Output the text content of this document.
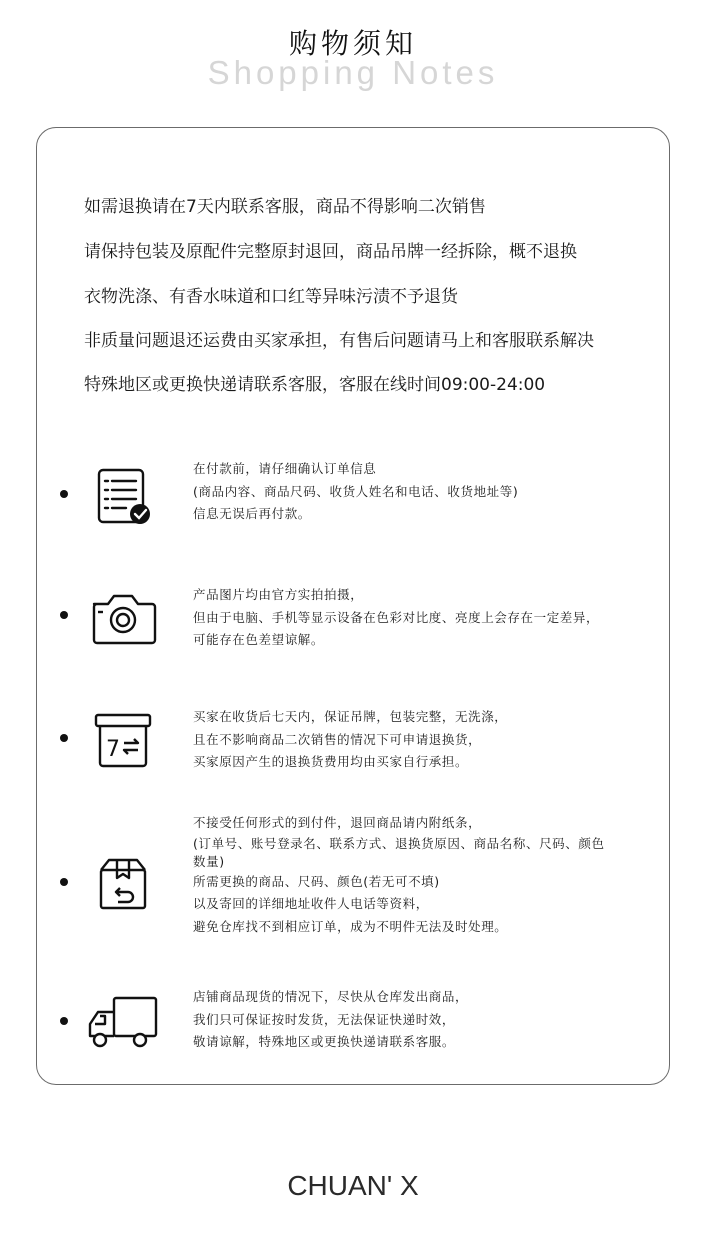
购物须知
Shopping Notes
如需退换请在7天内联系客服，商品不得影响二次销售
请保持包装及原配件完整原封退回，商品吊牌一经拆除，概不退换
衣物洗涤、有香水味道和口红等异味污渍不予退货
非质量问题退还运费由买家承担，有售后问题请马上和客服联系解决
特殊地区或更换快递请联系客服，客服在线时间09:00-24:00
在付款前，请仔细确认订单信息
(商品内容、商品尺码、收货人姓名和电话、收货地址等)
信息无误后再付款。
产品图片均由官方实拍拍摄，
但由于电脑、手机等显示设备在色彩对比度、亮度上会存在一定差异，
可能存在色差望谅解。
7
买家在收货后七天内，保证吊牌，包装完整，无洗涤，
且在不影响商品二次销售的情况下可申请退换货，
买家原因产生的退换货费用均由买家自行承担。
不接受任何形式的到付件，退回商品请内附纸条，
(订单号、账号登录名、联系方式、退换货原因、商品名称、尺码、颜色
数量)
所需更换的商品、尺码、颜色(若无可不填)
以及寄回的详细地址收件人电话等资料，
避免仓库找不到相应订单，成为不明件无法及时处理。
店铺商品现货的情况下，尽快从仓库发出商品，
我们只可保证按时发货，无法保证快递时效，
敬请谅解，特殊地区或更换快递请联系客服。
CHUAN' X
